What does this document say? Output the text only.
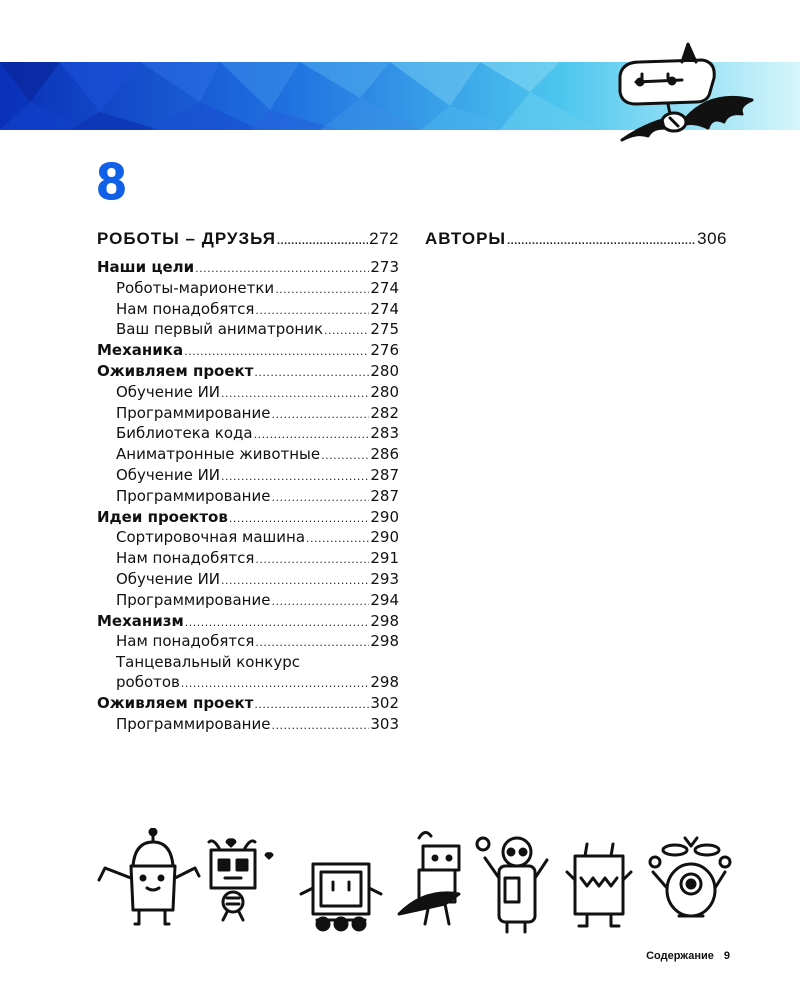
8
РОБОТЫ – ДРУЗЬЯ .....	272
Наши цели .....	273
Роботы-марионетки .....	274
Нам понадобятся .....	274
Ваш первый аниматроник .....	275
Механика .....	276
Оживляем проект .....	280
Обучение ИИ .....	280
Программирование .....	282
Библиотека кода .....	283
Аниматронные животные .....	286
Обучение ИИ .....	287
Программирование .....	287
Идеи проектов .....	290
Сортировочная машина .....	290
Нам понадобятся .....	291
Обучение ИИ .....	293
Программирование .....	294
Механизм .....	298
Нам понадобятся .....	298
Танцевальный конкурс
роботов .....	298
Оживляем проект .....	302
Программирование .....	303
АВТОРЫ .....	306
Содержание 9
